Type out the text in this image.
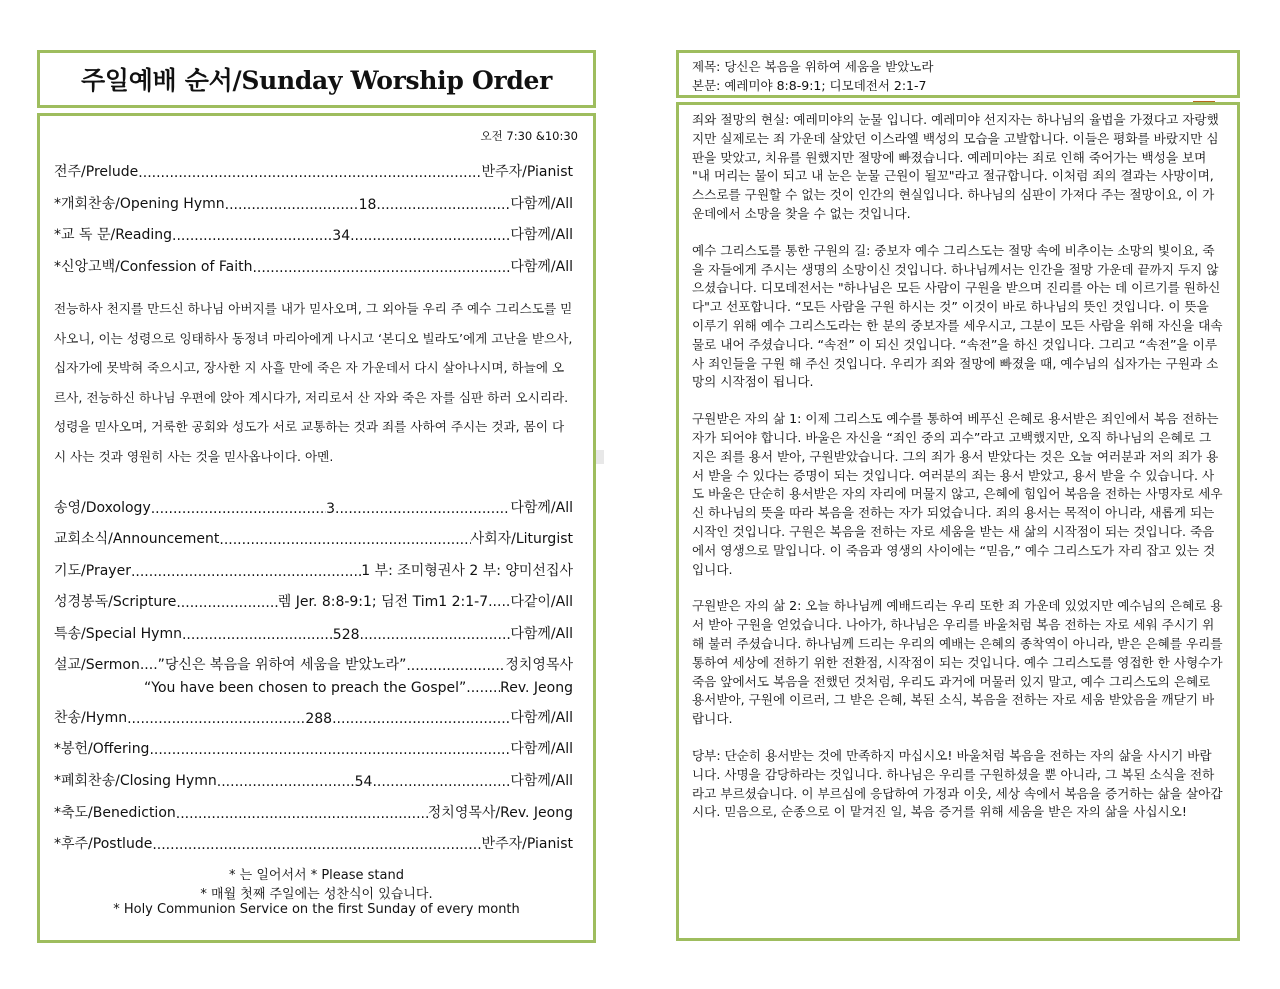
주일예배 순서/Sunday Worship Order
오전 7:30 &10:30
전주/Prelude .....	반주자/Pianist
*개회찬송/Opening Hymn .....	18 .....	다함께/All
*교 독 문/Reading .....	34 .....	다함께/All
*신앙고백/Confession of Faith .....	다함께/All
전능하사 천지를 만드신 하나님 아버지를 내가 믿사오며, 그 외아들 우리 주 예수 그리스도를 믿사오니, 이는 성령으로 잉태하사 동정녀 마리아에게 나시고 ‘본디오 빌라도’에게 고난을 받으사, 십자가에 못박혀 죽으시고, 장사한 지 사흘 만에 죽은 자 가운데서 다시 살아나시며, 하늘에 오르사, 전능하신 하나님 우편에 앉아 계시다가, 저리로서 산 자와 죽은 자를 심판 하러 오시리라. 성령을 믿사오며, 거룩한 공회와 성도가 서로 교통하는 것과 죄를 사하여 주시는 것과, 몸이 다시 사는 것과 영원히 사는 것을 믿사옵나이다. 아멘.
송영/Doxology .....	3 .....	다함께/All
교회소식/Announcement .....	사회자/Liturgist
기도/Prayer .....	1 부: 조미형권사 2 부: 양미선집사
성경봉독/Scripture .....	렘 Jer. 8:8-9:1; 딤전 Tim1 2:1-7.....다같이/All
특송/Special Hymn .....	528 .....	다함께/All
설교/Sermon....”당신은 복음을 위하여 세움을 받았노라” .....	정치영목사
“You have been chosen to preach the Gospel” ..... Rev. Jeong
찬송/Hymn .....	288 .....	다함께/All
*봉헌/Offering .....	다함께/All
*폐회찬송/Closing Hymn .....	54 .....	다함께/All
*축도/Benediction .....	정치영목사/Rev. Jeong
*후주/Postlude .....	반주자/Pianist
* 는 일어서서 * Please stand
* 매월 첫째 주일에는 성찬식이 있습니다.
* Holy Communion Service on the first Sunday of every month
제목: 당신은 복음을 위하여 세움을 받았노라
본문: 예레미야 8:8-9:1; 디모데전서 2:1-7

죄와 절망의 현실: 예레미야의 눈물 입니다. 예레미야 선지자는 하나님의 율법을 가졌다고 자랑했지만 실제로는 죄 가운데 살았던 이스라엘 백성의 모습을 고발합니다. 이들은 평화를 바랐지만 심판을 맞았고, 치유를 원했지만 절망에 빠졌습니다. 예레미야는 죄로 인해 죽어가는 백성을 보며 "내 머리는 물이 되고 내 눈은 눈물 근원이 될꼬"라고 절규합니다. 이처럼 죄의 결과는 사망이며, 스스로를 구원할 수 없는 것이 인간의 현실입니다. 하나님의 심판이 가져다 주는 절망이요, 이 가운데에서 소망을 찾을 수 없는 것입니다.

예수 그리스도를 통한 구원의 길: 중보자 예수 그리스도는 절망 속에 비추이는 소망의 빛이요, 죽을 자들에게 주시는 생명의 소망이신 것입니다. 하나님께서는 인간을 절망 가운데 끝까지 두지 않으셨습니다. 디모데전서는 "하나님은 모든 사람이 구원을 받으며 진리를 아는 데 이르기를 원하신다"고 선포합니다. “모든 사람을 구원 하시는 것” 이것이 바로 하나님의 뜻인 것입니다. 이 뜻을 이루기 위해 예수 그리스도라는 한 분의 중보자를 세우시고, 그분이 모든 사람을 위해 자신을 대속물로 내어 주셨습니다. “속전” 이 되신 것입니다. “속전”을 하신 것입니다. 그리고 “속전”을 이루사 죄인들을 구원 해 주신 것입니다. 우리가 죄와 절망에 빠졌을 때, 예수님의 십자가는 구원과 소망의 시작점이 됩니다.

구원받은 자의 삶 1: 이제 그리스도 예수를 통하여 베푸신 은혜로 용서받은 죄인에서 복음 전하는 자가 되어야 합니다. 바울은 자신을 “죄인 중의 괴수”라고 고백했지만, 오직 하나님의 은혜로 그 지은 죄를 용서 받아, 구원받았습니다. 그의 죄가 용서 받았다는 것은 오늘 여러분과 저의 죄가 용서 받을 수 있다는 증명이 되는 것입니다. 여러분의 죄는 용서 받았고, 용서 받을 수 있습니다. 사도 바울은 단순히 용서받은 자의 자리에 머물지 않고, 은혜에 힘입어 복음을 전하는 사명자로 세우신 하나님의 뜻을 따라 복음을 전하는 자가 되었습니다. 죄의 용서는 목적이 아니라, 새롭게 되는 시작인 것입니다. 구원은 복음을 전하는 자로 세움을 받는 새 삶의 시작점이 되는 것입니다. 죽음에서 영생으로 말입니다. 이 죽음과 영생의 사이에는 “믿음,” 예수 그리스도가 자리 잡고 있는 것입니다.

구원받은 자의 삶 2: 오늘 하나님께 예배드리는 우리 또한 죄 가운데 있었지만 예수님의 은혜로 용서 받아 구원을 얻었습니다. 나아가, 하나님은 우리를 바울처럼 복음 전하는 자로 세워 주시기 위해 불러 주셨습니다. 하나님께 드리는 우리의 예배는 은혜의 종착역이 아니라, 받은 은혜를 우리를 통하여 세상에 전하기 위한 전환점, 시작점이 되는 것입니다. 예수 그리스도를 영접한 한 사형수가 죽음 앞에서도 복음을 전했던 것처럼, 우리도 과거에 머물러 있지 말고, 예수 그리스도의 은혜로 용서받아, 구원에 이르러, 그 받은 은혜, 복된 소식, 복음을 전하는 자로 세움 받았음을 깨닫기 바랍니다.

당부: 단순히 용서받는 것에 만족하지 마십시오! 바울처럼 복음을 전하는 자의 삶을 사시기 바랍니다. 사명을 감당하라는 것입니다. 하나님은 우리를 구원하셨을 뿐 아니라, 그 복된 소식을 전하라고 부르셨습니다. 이 부르심에 응답하여 가정과 이웃, 세상 속에서 복음을 증거하는 삶을 살아갑시다. 믿음으로, 순종으로 이 맡겨진 일, 복음 증거를 위해 세움을 받은 자의 삶을 사십시오!
